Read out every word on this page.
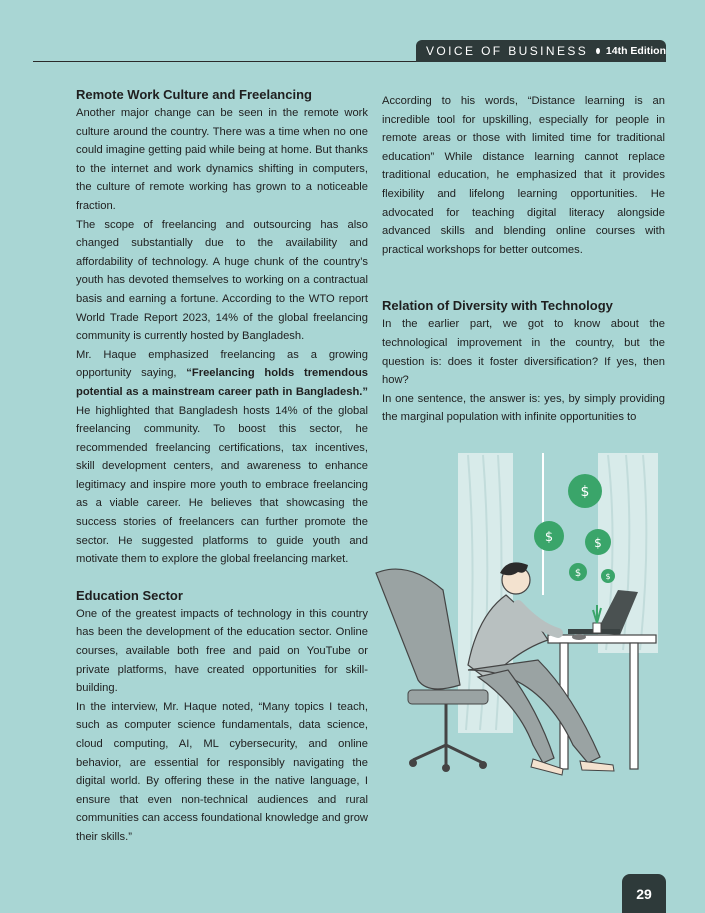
VOICE OF BUSINESS 14th Edition
Remote Work Culture and Freelancing

Another major change can be seen in the remote work culture around the country. There was a time when no one could imagine getting paid while being at home. But thanks to the internet and work dynamics shifting in computers, the culture of remote working has grown to a noticeable fraction.

The scope of freelancing and outsourcing has also changed substantially due to the availability and affordability of technology. A huge chunk of the country’s youth has devoted themselves to working on a contractual basis and earning a fortune. According to the WTO report World Trade Report 2023, 14% of the global freelancing community is currently hosted by Bangladesh.

Mr. Haque emphasized freelancing as a growing opportunity saying, “Freelancing holds tremendous potential as a mainstream career path in Bangladesh.” He highlighted that Bangladesh hosts 14% of the global freelancing community. To boost this sector, he recommended freelancing certifications, tax incentives, skill development centers, and awareness to enhance legitimacy and inspire more youth to embrace freelancing as a viable career. He believes that showcasing the success stories of freelancers can further promote the sector. He suggested platforms to guide youth and motivate them to explore the global freelancing market.

Education Sector

One of the greatest impacts of technology in this country has been the development of the education sector. Online courses, available both free and paid on YouTube or private platforms, have created opportunities for skill-building.

In the interview, Mr. Haque noted, “Many topics I teach, such as computer science fundamentals, data science, cloud computing, AI, ML cybersecurity, and online behavior, are essential for responsibly navigating the digital world. By offering these in the native language, I ensure that even non-technical audiences and rural communities can access foundational knowledge and grow their skills.”

According to his words, “Distance learning is an incredible tool for upskilling, especially for people in remote areas or those with limited time for traditional education” While distance learning cannot replace traditional education, he emphasized that it provides flexibility and lifelong learning opportunities. He advocated for teaching digital literacy alongside advanced skills and blending online courses with practical workshops for better outcomes.

Relation of Diversity with Technology

In the earlier part, we got to know about the technological improvement in the country, but the question is: does it foster diversification? If yes, then how?

In one sentence, the answer is: yes, by simply providing the marginal population with infinite opportunities to

$
$	$
$	$
29
